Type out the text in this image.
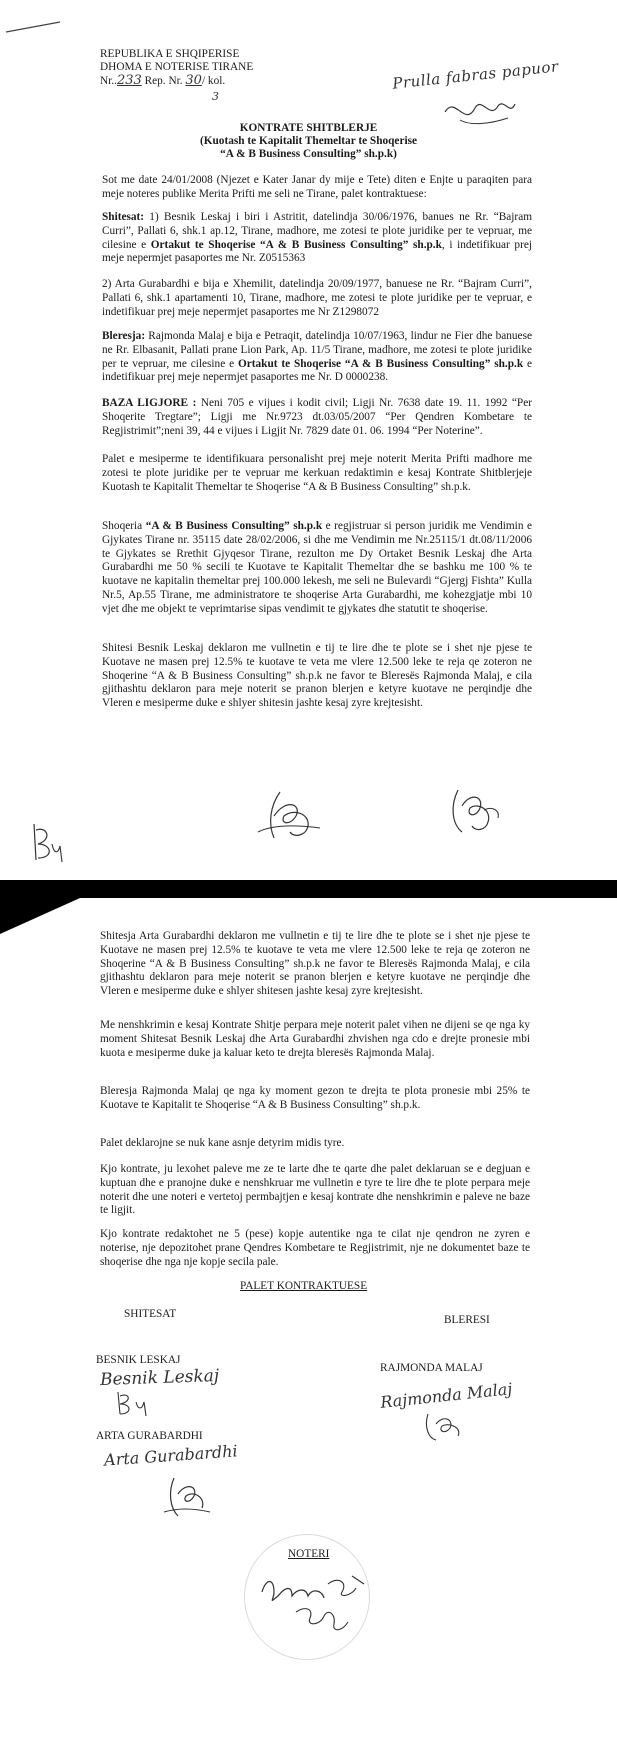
REPUBLIKA E SHQIPERISE
DHOMA E NOTERISE TIRANE
Nr..233 Rep. Nr. 30/ kol.
3
Prulla fabras papuor
KONTRATE SHITBLERJE
(Kuotash te Kapitalit Themeltar te Shoqerise
“A & B Business Consulting” sh.p.k)
Sot me date 24/01/2008 (Njezet e Kater Janar dy mije e Tete) diten e Enjte u paraqiten para meje noteres publike Merita Prifti me seli ne Tirane, palet kontraktuese:
Shitesat: 1) Besnik Leskaj i biri i Astritit, datelindja 30/06/1976, banues ne Rr. “Bajram Curri”, Pallati 6, shk.1 ap.12, Tirane, madhore, me zotesi te plote juridike per te vepruar, me cilesine e Ortakut te Shoqerise “A & B Business Consulting” sh.p.k, i indetifikuar prej meje nepermjet pasaportes me Nr. Z0515363
2) Arta Gurabardhi e bija e Xhemilit, datelindja 20/09/1977, banuese ne Rr. “Bajram Curri”, Pallati 6, shk.1 apartamenti 10, Tirane, madhore, me zotesi te plote juridike per te vepruar, e indetifikuar prej meje nepermjet pasaportes me Nr Z1298072
Bleresja: Rajmonda Malaj e bija e Petraqit, datelindja 10/07/1963, lindur ne Fier dhe banuese ne Rr. Elbasanit, Pallati prane Lion Park, Ap. 11/5 Tirane, madhore, me zotesi te plote juridike per te vepruar, me cilesine e Ortakut te Shoqerise “A & B Business Consulting” sh.p.k e indetifikuar prej meje nepermjet pasaportes me Nr. D 0000238.
BAZA LIGJORE : Neni 705 e vijues i kodit civil; Ligji Nr. 7638 date 19. 11. 1992 “Per Shoqerite Tregtare”; Ligji me Nr.9723 dt.03/05/2007 “Per Qendren Kombetare te Regjistrimit”;neni 39, 44 e vijues i Ligjit Nr. 7829 date 01. 06. 1994 “Per Noterine”.
Palet e mesiperme te identifikuara personalisht prej meje noterit Merita Prifti madhore me zotesi te plote juridike per te vepruar me kerkuan redaktimin e kesaj Kontrate Shitblerjeje Kuotash te Kapitalit Themeltar te Shoqerise “A & B Business Consulting” sh.p.k.
Shoqeria “A & B Business Consulting” sh.p.k e regjistruar si person juridik me Vendimin e Gjykates Tirane nr. 35115 date 28/02/2006, si dhe me Vendimin me Nr.25115/1 dt.08/11/2006 te Gjykates se Rrethit Gjyqesor Tirane, rezulton me Dy Ortaket Besnik Leskaj dhe Arta Gurabardhi me 50 % secili te Kuotave te Kapitalit Themeltar dhe se bashku me 100 % te kuotave ne kapitalin themeltar prej 100.000 lekesh, me seli ne Bulevardi “Gjergj Fishta” Kulla Nr.5, Ap.55 Tirane, me administratore te shoqerise Arta Gurabardhi, me kohezgjatje mbi 10 vjet dhe me objekt te veprimtarise sipas vendimit te gjykates dhe statutit te shoqerise.
Shitesi Besnik Leskaj deklaron me vullnetin e tij te lire dhe te plote se i shet nje pjese te Kuotave ne masen prej 12.5% te kuotave te veta me vlere 12.500 leke te reja qe zoteron ne Shoqerine “A & B Business Consulting” sh.p.k ne favor te Bleresës Rajmonda Malaj, e cila gjithashtu deklaron para meje noterit se pranon blerjen e ketyre kuotave ne perqindje dhe Vleren e mesiperme duke e shlyer shitesin jashte kesaj zyre krejtesisht.
Shitesja Arta Gurabardhi deklaron me vullnetin e tij te lire dhe te plote se i shet nje pjese te Kuotave ne masen prej 12.5% te kuotave te veta me vlere 12.500 leke te reja qe zoteron ne Shoqerine “A & B Business Consulting” sh.p.k ne favor te Bleresës Rajmonda Malaj, e cila gjithashtu deklaron para meje noterit se pranon blerjen e ketyre kuotave ne perqindje dhe Vleren e mesiperme duke e shlyer shitesen jashte kesaj zyre krejtesisht.
Me nenshkrimin e kesaj Kontrate Shitje perpara meje noterit palet vihen ne dijeni se qe nga ky moment Shitesat Besnik Leskaj dhe Arta Gurabardhi zhvishen nga cdo e drejte pronesie mbi kuota e mesiperme duke ja kaluar keto te drejta bleresës Rajmonda Malaj.
Bleresja Rajmonda Malaj qe nga ky moment gezon te drejta te plota pronesie mbi 25% te Kuotave te Kapitalit te Shoqerise “A & B Business Consulting” sh.p.k.
Palet deklarojne se nuk kane asnje detyrim midis tyre.
Kjo kontrate, ju lexohet paleve me ze te larte dhe te qarte dhe palet deklaruan se e degjuan e kuptuan dhe e pranojne duke e nenshkruar me vullnetin e tyre te lire dhe te plote perpara meje noterit dhe une noteri e vertetoj permbajtjen e kesaj kontrate dhe nenshkrimin e paleve ne baze te ligjit.
Kjo kontrate redaktohet ne 5 (pese) kopje autentike nga te cilat nje qendron ne zyren e noterise, nje depozitohet prane Qendres Kombetare te Regjistrimit, nje ne dokumentet baze te shoqerise dhe nga nje kopje secila pale.
PALET KONTRAKTUESE
SHITESAT	BLERESI
BESNIK LESKAJ
Besnik Leskaj	RAJMONDA MALAJ
Rajmonda Malaj
ARTA GURABARDHI
Arta Gurabardhi
NOTERI
